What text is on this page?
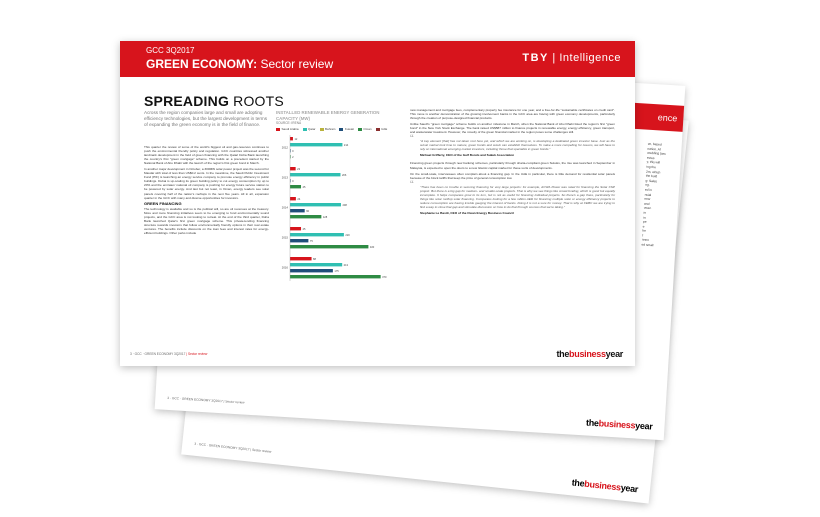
3 · GCC · GREEN ECONOMY 3Q2017 | Sector review
thebusinessyear
ence
ce, based
nation. Af
wedding (sec
ectes
y, this will
ing the
2m, which
the bold
g: Sales
ng.
ed in
ncial
new
and
ower.
in
in
pe
e
he
f
nnnn
ed small
3 · GCC · GREEN ECONOMY 3Q2017 | Sector review
thebusinessyear
GCC 3Q2017
GREEN ECONOMY: Sector review	TBY | Intelligence
SPREADING ROOTS
Across the region companies large and small are adopting efficiency technologies, but the largest development in terms of expanding the green economy is in the field of finance.

This quarter the review of some of the world's biggest oil and gas-reserves continues to push the environmental friendly policy and regulation. GCC countries witnessed another landmark development in the field of green financing with the Qatari Doha Bank launching the country's first "green mortgage" scheme. This builds on a precedent started by the National Bank of Abu Dhabi with the launch of the region's first green bond in March.

In another major development in October, a 300MW solar power project was the second for Masdar with total of less than US$0.2 cents. In the meantime, the Saudi Public Investment Fund (PIF) is launching an energy service company to promote energy efficiency in public buildings. Dubai is up-scaling its green building policy to cut energy consumption by up to 20% and the emirates' national oil company is pushing for energy future service station to be powered by solar energy. And last but not least, in Oman, energy leaders see solar panels covering half of the nation's rooftops in the next five years. All in all, expansion quarter in the GCC with many and diverse opportunities for investors.

GREEN FINANCING

The technology is available and so is the political will, so are oil revenues at the treasury. More and more financing initiatives seem to be emerging to fund environmentally sound projects, and the GCC area is not looking to retreat. At the end of the third quarter, Doha Bank launched Qatar's first green mortgage scheme. This private-lending financing structure rewards investors that follow environmentally friendly options in their real estate ventures. The benefits include discounts on the loan fees and interest rates for energy-efficient buildings. Other perks include

INSTALLED RENEWABLE ENERGY GENERATION CAPACITY (MW)
SOURCE: IRENA
Saudi Arabia	Qatar	Bahrain	Kuwait	Oman	UAE
12
214
0
2
2012
23
206
0
45
2013
24
208
60
128
2014
45
220
75
320
2015
88
213
175
370
2016

new management and mortgage fees, complementary property fee insurance for one year, and a free-for-life "sustainable certificates on credit card". This move is another demonstration of the growing involvement banks in the GCC area are having with green economy developments, particularly through the creation of purpose-designed financial products.

Unlike Saudi's "green mortgage" scheme builds on another milestone in March, when the National Bank of Abu Dhabi listed the region's first "green bond" in the New York Stock Exchange. The bank raised US$587 million to finance projects in renewable energy, energy efficiency, green transport, and waste/water treatment. However, the novelty of the green financial market in the region poses some challenges still.

“ "A key element [that] has not taken root here yet, and which we are working on, is developing a dedicated green investor base. Just as the sukuk market took time to mature, green bonds and sukuk can establish themselves. To make a more compelling for issuers, we will have to rely on international emerging market investors, including those that specialize in green bonds."
Michael Grifferty, CEO of the Gulf Bonds and Sukuk Association

Financing green projects through new banking schemes, particularly through sharia-compliant green Sukuks, the rise was launched in September in Malaysia, is expected to open the doors to a new Islamic capital market for these sorts of developments.

On the small-scale, interviewees often complain about a financing gap. In the UAE in particular, there is little demand for residential solar panels because of the block tariffs that keep the price of general consumption low.

“ "There has been no trouble in securing financing for very large projects: for example, ACWA Power was rated for financing the Solar CSP project. But there is a big gap for medium- and smaller-scale projects. That is why we see things like crowd-funding, which is good but equally incomplete. It helps companies grow to its turn, but is not as useful for financing individual projects. So there's a gap there, particularly for things like solar rooftop solar financing. Companies looking for a few million AED for financing multiple solar or energy efficiency projects to reduce consumption are having trouble gauging the interest of banks. Doing it is not a sure for money. That is why at CEBC we are trying to find a way to close that gap and stimulate discussion on how to do that through sources that we're taking."
Stephanie Le Bastit, CEO of the Clean Energy Business Council
3 · GCC · GREEN ECONOMY 3Q2017 | Sector review	thebusinessyear
